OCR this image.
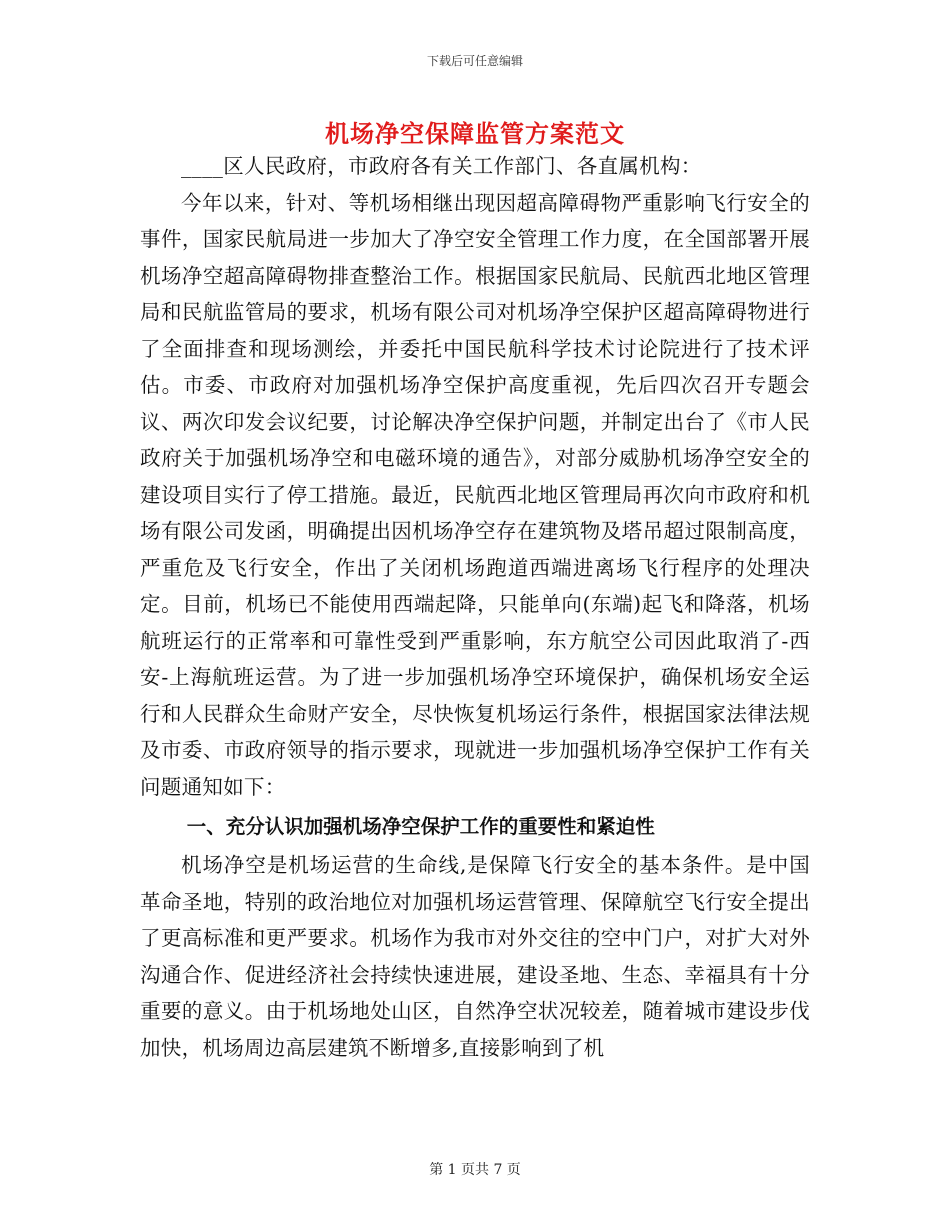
下载后可任意编辑
机场净空保障监管方案范文

____区人民政府，市政府各有关工作部门、各直属机构：

今年以来，针对、等机场相继出现因超高障碍物严重影响飞行安全的事件，国家民航局进一步加大了净空安全管理工作力度，在全国部署开展机场净空超高障碍物排查整治工作。根据国家民航局、民航西北地区管理局和民航监管局的要求，机场有限公司对机场净空保护区超高障碍物进行了全面排查和现场测绘，并委托中国民航科学技术讨论院进行了技术评估。市委、市政府对加强机场净空保护高度重视，先后四次召开专题会议、两次印发会议纪要，讨论解决净空保护问题，并制定出台了《市人民政府关于加强机场净空和电磁环境的通告》，对部分威胁机场净空安全的建设项目实行了停工措施。最近，民航西北地区管理局再次向市政府和机场有限公司发函，明确提出因机场净空存在建筑物及塔吊超过限制高度，严重危及飞行安全，作出了关闭机场跑道西端进离场飞行程序的处理决定。目前，机场已不能使用西端起降，只能单向(东端)起飞和降落，机场航班运行的正常率和可靠性受到严重影响，东方航空公司因此取消了-西安-上海航班运营。为了进一步加强机场净空环境保护，确保机场安全运行和人民群众生命财产安全，尽快恢复机场运行条件，根据国家法律法规及市委、市政府领导的指示要求，现就进一步加强机场净空保护工作有关问题通知如下：

一、充分认识加强机场净空保护工作的重要性和紧迫性

机场净空是机场运营的生命线,是保障飞行安全的基本条件。是中国革命圣地，特别的政治地位对加强机场运营管理、保障航空飞行安全提出了更高标准和更严要求。机场作为我市对外交往的空中门户，对扩大对外沟通合作、促进经济社会持续快速进展，建设圣地、生态、幸福具有十分重要的意义。由于机场地处山区，自然净空状况较差，随着城市建设步伐加快，机场周边高层建筑不断增多,直接影响到了机

第 1 页共 7 页
